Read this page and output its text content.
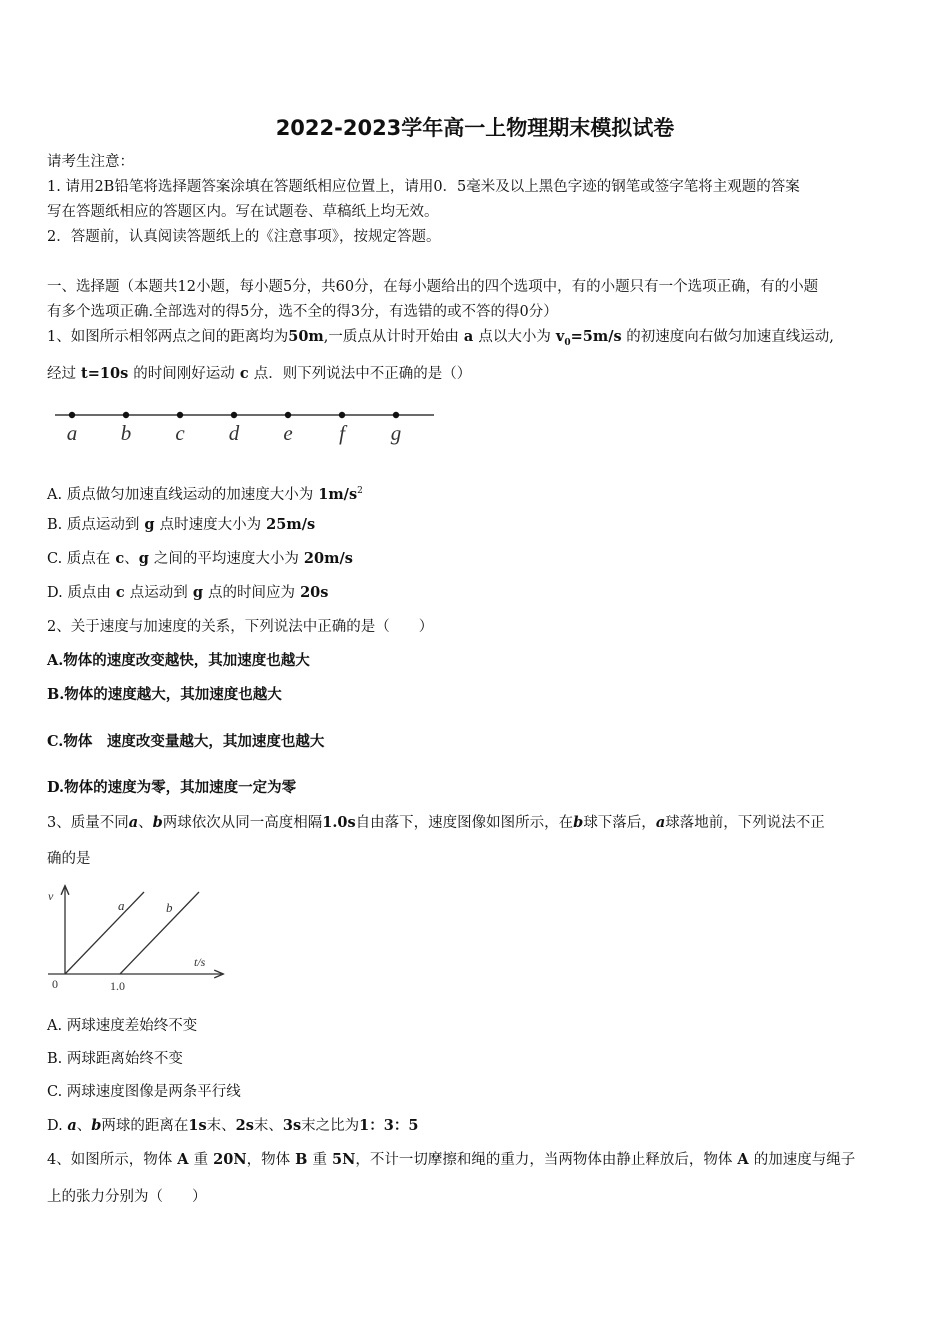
2022-2023学年高一上物理期末模拟试卷
请考生注意：
1. 请用2B铅笔将选择题答案涂填在答题纸相应位置上，请用0．5毫米及以上黑色字迹的钢笔或签字笔将主观题的答案
写在答题纸相应的答题区内。写在试题卷、草稿纸上均无效。
2．答题前，认真阅读答题纸上的《注意事项》，按规定答题。
一、选择题（本题共12小题，每小题5分，共60分，在每小题给出的四个选项中，有的小题只有一个选项正确，有的小题
有多个选项正确.全部选对的得5分，选不全的得3分，有选错的或不答的得0分）
1、如图所示相邻两点之间的距离均为50m,一质点从计时开始由 a 点以大小为 $v_0=5m/s$ 的初速度向右做匀加速直线运动,
经过 t=10s 的时间刚好运动 c 点．则下列说法中不正确的是（）
a b c d e f g
A. 质点做匀加速直线运动的加速度大小为 $1m/s^2$
B. 质点运动到 g 点时速度大小为 25m/s
C. 质点在 c、g 之间的平均速度大小为 20m/s
D. 质点由 c 点运动到 g 点的时间应为 20s
2、关于速度与加速度的关系，下列说法中正确的是（　　）
A.物体的速度改变越快，其加速度也越大
B.物体的速度越大，其加速度也越大
C.物体　速度改变量越大，其加速度也越大
D.物体的速度为零，其加速度一定为零
3、质量不同a、b两球依次从同一高度相隔1.0s自由落下，速度图像如图所示，在b球下落后，a球落地前，下列说法不正
确的是
v
t/s
0	1.0
a	b
A. 两球速度差始终不变
B. 两球距离始终不变
C. 两球速度图像是两条平行线
D. a、b两球的距离在1s末、2s末、3s末之比为1：3：5
4、如图所示，物体 A 重 20N，物体 B 重 5N，不计一切摩擦和绳的重力，当两物体由静止释放后，物体 A 的加速度与绳子
上的张力分别为（　　）
